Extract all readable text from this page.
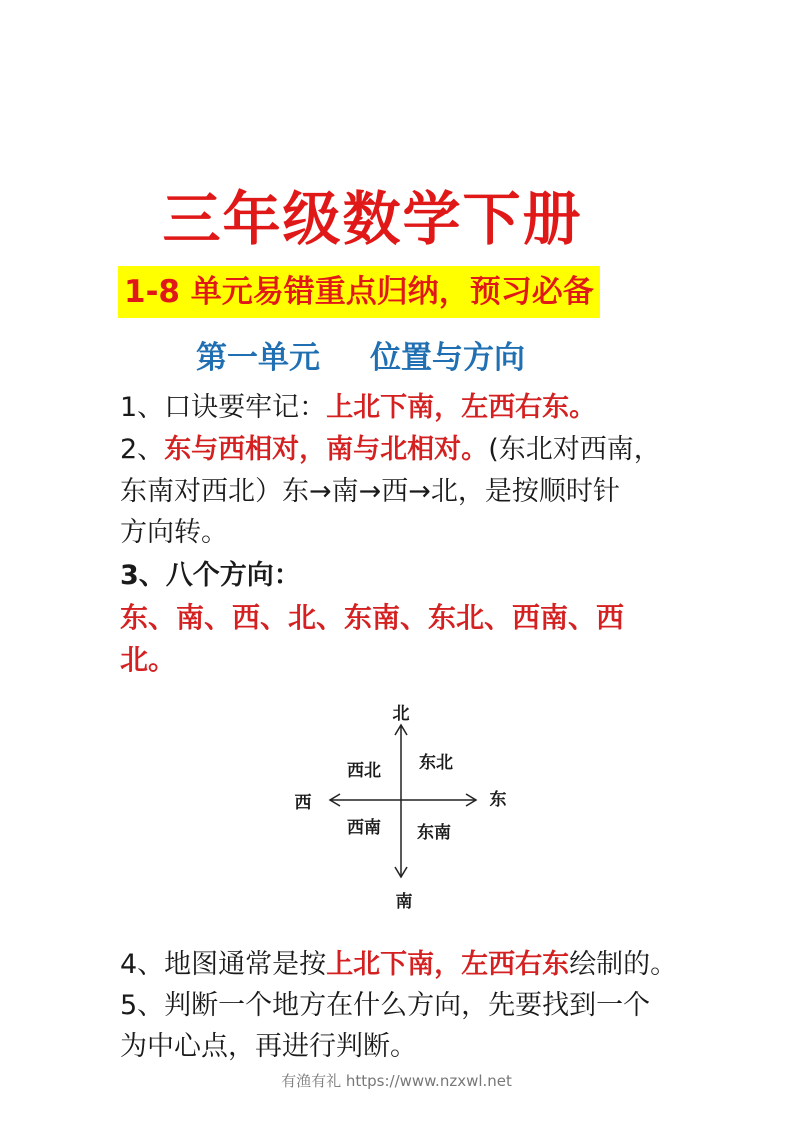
三年级数学下册
1-8 单元易错重点归纳，预习必备
第一单元 位置与方向
1、口诀要牢记：上北下南，左西右东。
2、东与西相对，南与北相对。(东北对西南，
东南对西北）东→南→西→北，是按顺时针
方向转。
3、八个方向：
东、南、西、北、东南、东北、西南、西
北。
北
南
东
西
西北 东北
西南 东南
4、地图通常是按上北下南，左西右东绘制的。
5、判断一个地方在什么方向，先要找到一个
为中心点，再进行判断。
有渔有礼 https://www.nzxwl.net
